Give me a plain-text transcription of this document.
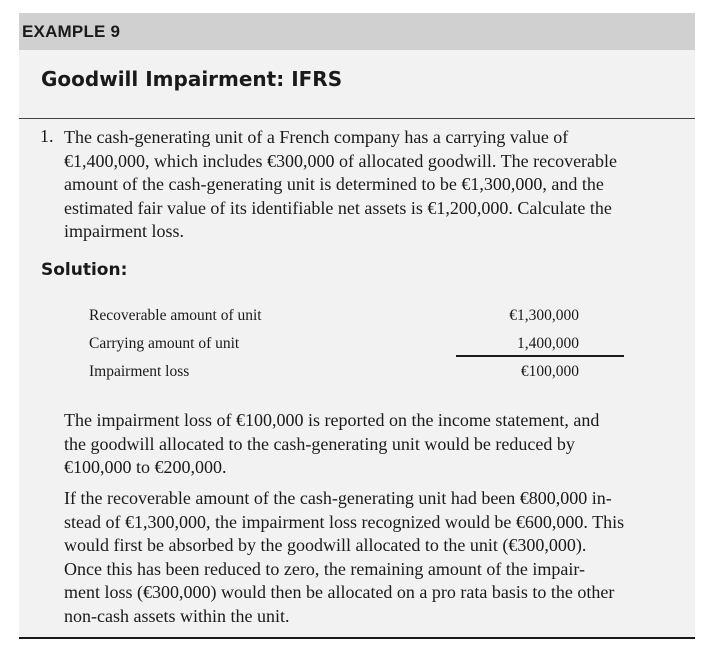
EXAMPLE 9
Goodwill Impairment: IFRS
1. The cash-generating unit of a French company has a carrying value of
€1,400,000, which includes €300,000 of allocated goodwill. The recoverable
amount of the cash-generating unit is determined to be €1,300,000, and the
estimated fair value of its identifiable net assets is €1,200,000. Calculate the
impairment loss.
Solution:
Recoverable amount of unit	€1,300,000
Carrying amount of unit	1,400,000
Impairment loss	€100,000
The impairment loss of €100,000 is reported on the income statement, and
the goodwill allocated to the cash-generating unit would be reduced by
€100,000 to €200,000.
If the recoverable amount of the cash-generating unit had been €800,000 in-
stead of €1,300,000, the impairment loss recognized would be €600,000. This
would first be absorbed by the goodwill allocated to the unit (€300,000).
Once this has been reduced to zero, the remaining amount of the impair-
ment loss (€300,000) would then be allocated on a pro rata basis to the other
non-cash assets within the unit.
